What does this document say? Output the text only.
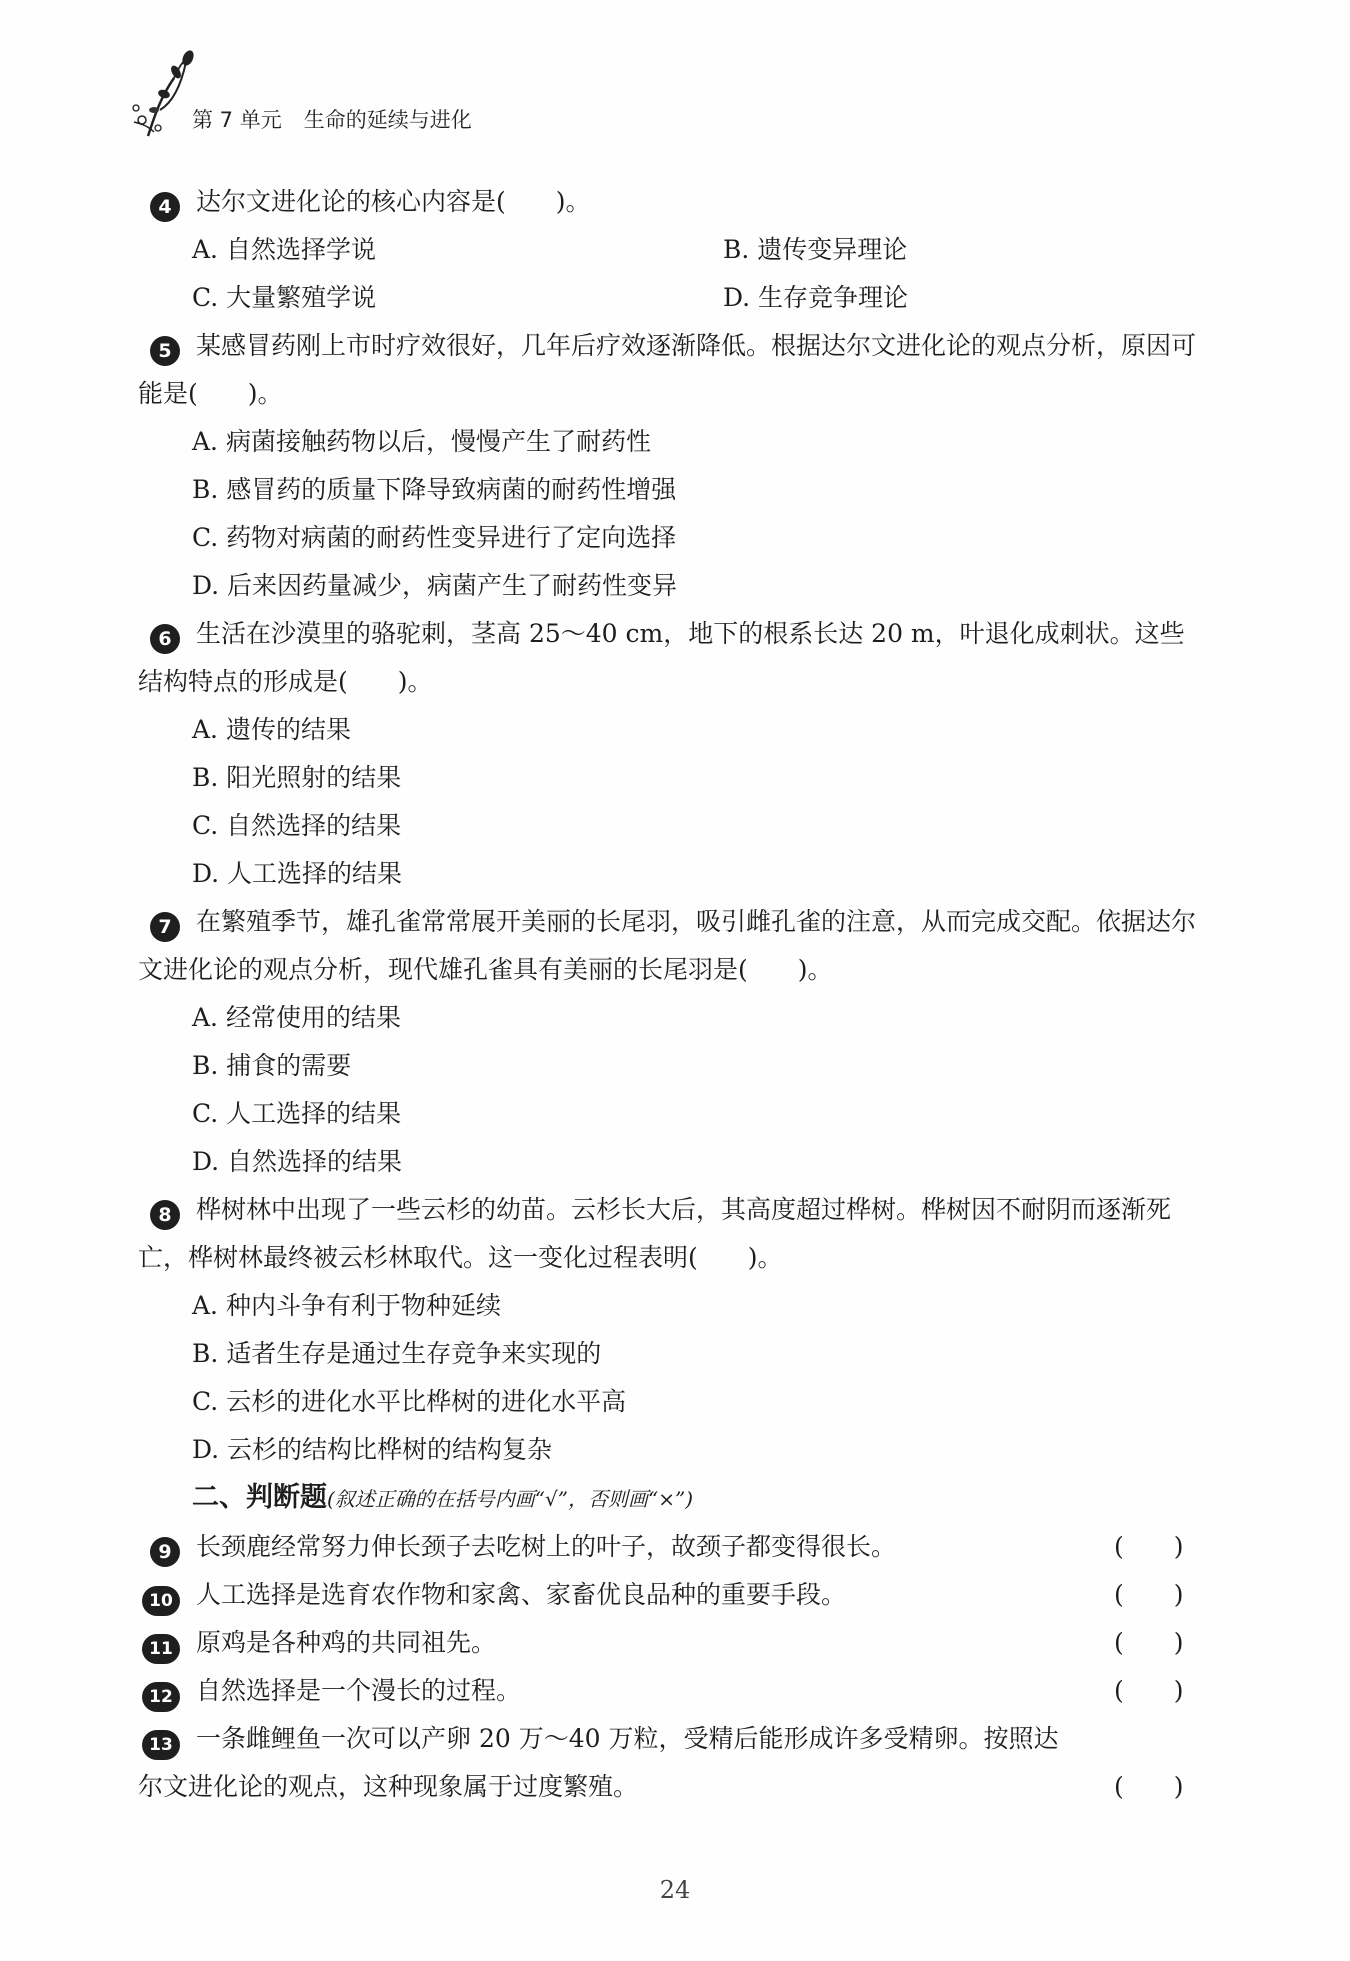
第 7 单元 生命的延续与进化
4 达尔文进化论的核心内容是(　　)。
A. 自然选择学说	B. 遗传变异理论
C. 大量繁殖学说	D. 生存竞争理论
5 某感冒药刚上市时疗效很好，几年后疗效逐渐降低。根据达尔文进化论的观点分析，原因可能是(　　)。
A. 病菌接触药物以后，慢慢产生了耐药性
B. 感冒药的质量下降导致病菌的耐药性增强
C. 药物对病菌的耐药性变异进行了定向选择
D. 后来因药量减少，病菌产生了耐药性变异
6 生活在沙漠里的骆驼刺，茎高 25～40 cm，地下的根系长达 20 m，叶退化成刺状。这些结构特点的形成是(　　)。
A. 遗传的结果
B. 阳光照射的结果
C. 自然选择的结果
D. 人工选择的结果
7 在繁殖季节，雄孔雀常常展开美丽的长尾羽，吸引雌孔雀的注意，从而完成交配。依据达尔文进化论的观点分析，现代雄孔雀具有美丽的长尾羽是(　　)。
A. 经常使用的结果
B. 捕食的需要
C. 人工选择的结果
D. 自然选择的结果
8 桦树林中出现了一些云杉的幼苗。云杉长大后，其高度超过桦树。桦树因不耐阴而逐渐死亡，桦树林最终被云杉林取代。这一变化过程表明(　　)。
A. 种内斗争有利于物种延续
B. 适者生存是通过生存竞争来实现的
C. 云杉的进化水平比桦树的进化水平高
D. 云杉的结构比桦树的结构复杂
二、判断题(叙述正确的在括号内画“√”，否则画“×”)
9 长颈鹿经常努力伸长颈子去吃树上的叶子，故颈子都变得很长。	(　　)
10 人工选择是选育农作物和家禽、家畜优良品种的重要手段。	(　　)
11 原鸡是各种鸡的共同祖先。	(　　)
12 自然选择是一个漫长的过程。	(　　)
13 一条雌鲤鱼一次可以产卵 20 万～40 万粒，受精后能形成许多受精卵。按照达
尔文进化论的观点，这种现象属于过度繁殖。	(　　)
24
